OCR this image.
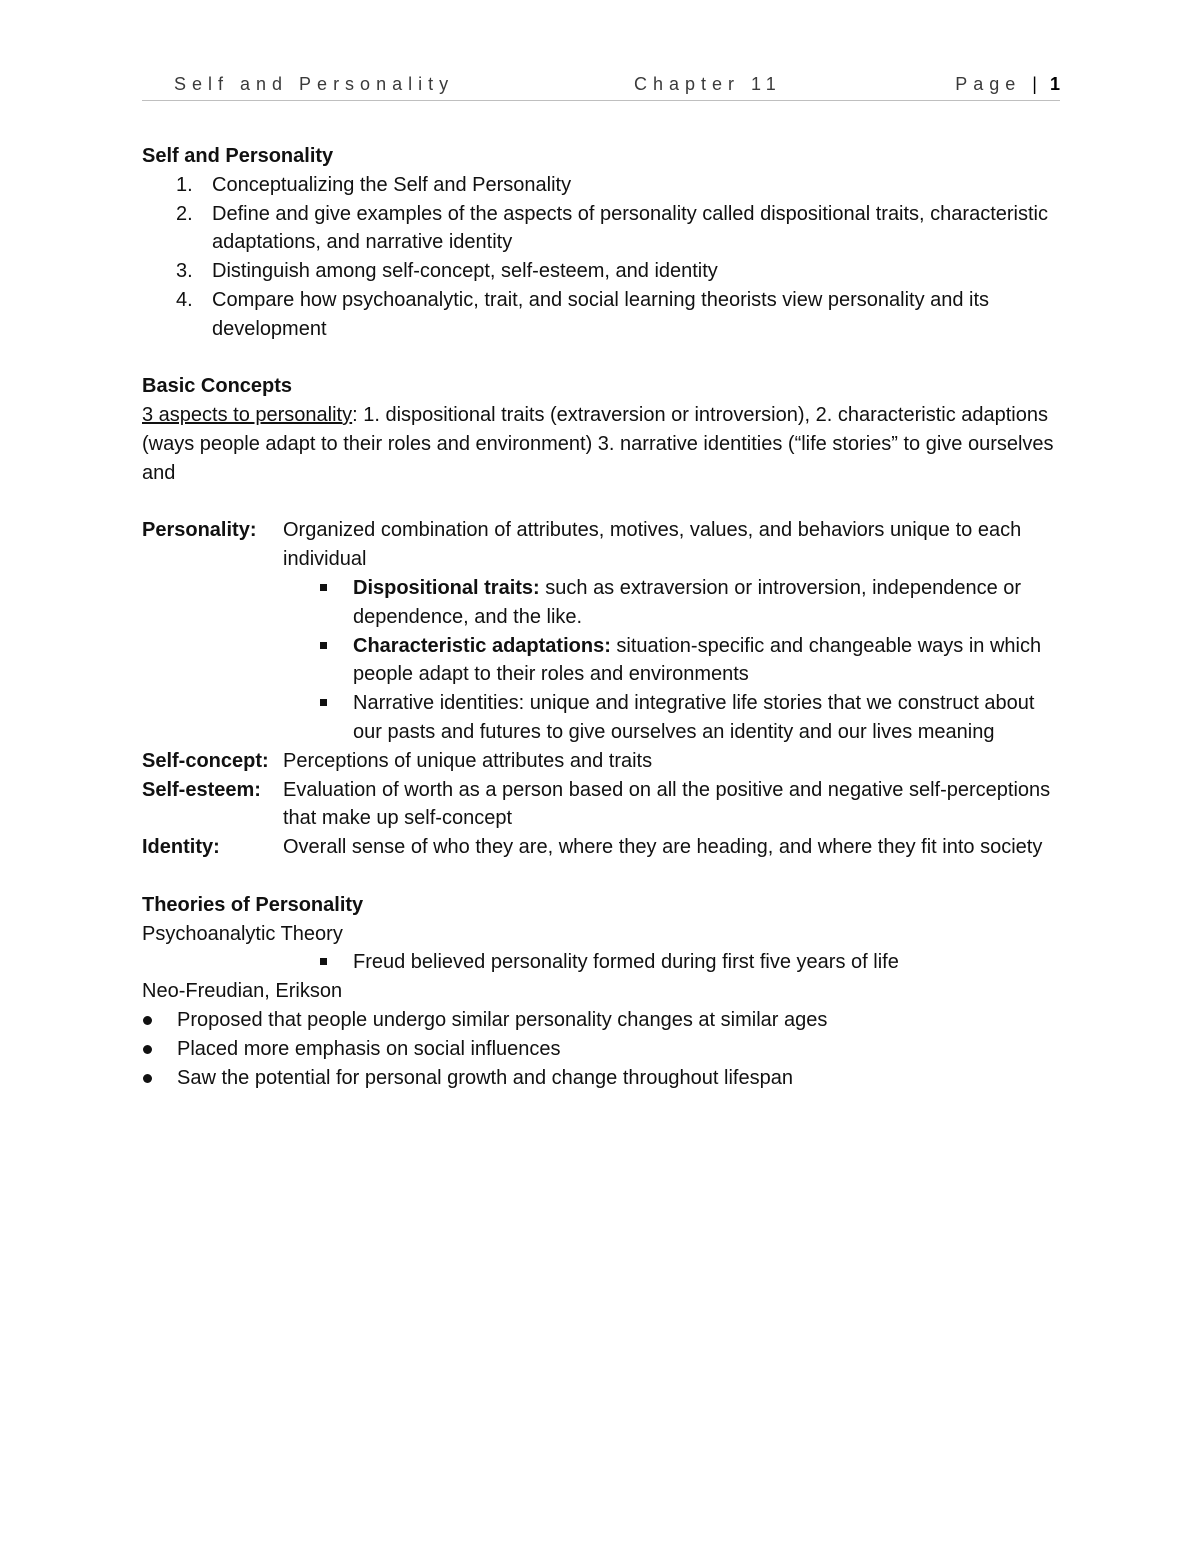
Self and Personality	Chapter 11	Page | 1
Self and Personality
1. Conceptualizing the Self and Personality
2. Define and give examples of the aspects of personality called dispositional traits, characteristic adaptations, and narrative identity
3. Distinguish among self-concept, self-esteem, and identity
4. Compare how psychoanalytic, trait, and social learning theorists view personality and its development
Basic Concepts
3 aspects to personality: 1. dispositional traits (extraversion or introversion), 2. characteristic adaptions (ways people adapt to their roles and environment) 3. narrative identities (“life stories” to give ourselves and
Personality:	Organized combination of attributes, motives, values, and behaviors unique to each individual
Dispositional traits: such as extraversion or introversion, independence or dependence, and the like.
Characteristic adaptations: situation-specific and changeable ways in which people adapt to their roles and environments
Narrative identities: unique and integrative life stories that we construct about our pasts and futures to give ourselves an identity and our lives meaning
Self-concept: Perceptions of unique attributes and traits
Self-esteem:	Evaluation of worth as a person based on all the positive and negative self-perceptions that make up self-concept
Identity:	Overall sense of who they are, where they are heading, and where they fit into society
Theories of Personality
Psychoanalytic Theory
Freud believed personality formed during first five years of life
Neo-Freudian, Erikson
Proposed that people undergo similar personality changes at similar ages
Placed more emphasis on social influences
Saw the potential for personal growth and change throughout lifespan
